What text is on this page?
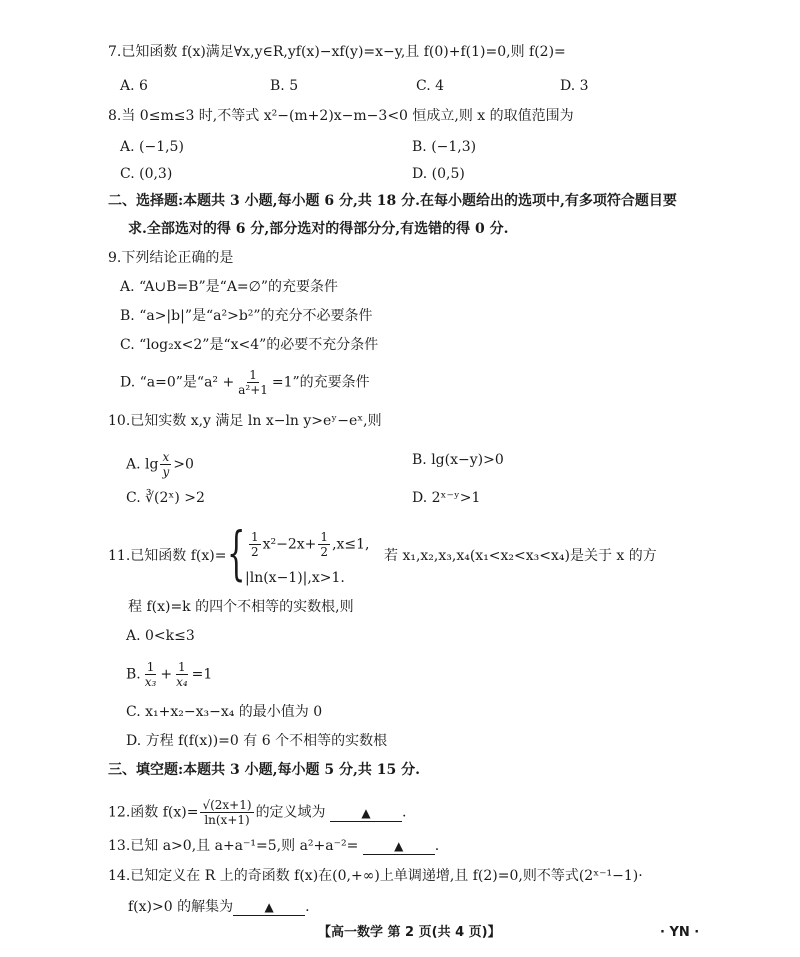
7.已知函数 f(x)满足∀x,y∈R,yf(x)−xf(y)=x−y,且 f(0)+f(1)=0,则 f(2)=
A. 6	B. 5	C. 4	D. 3
8.当 0≤m≤3 时,不等式 x²−(m+2)x−m−3<0 恒成立,则 x 的取值范围为
A. (−1,5)	B. (−1,3)
C. (0,3)	D. (0,5)
二、选择题:本题共 3 小题,每小题 6 分,共 18 分.在每小题给出的选项中,有多项符合题目要
求.全部选对的得 6 分,部分选对的得部分分,有选错的得 0 分.
9.下列结论正确的是
A. “A∪B=B”是“A=∅”的充要条件
B. “a>|b|”是“a²>b²”的充分不必要条件
C. “log₂x<2”是“x<4”的必要不充分条件
D. “a=0”是“$a^2 + \frac{1}{\text{a²+1}} =1$”的充要条件
10.已知实数 x,y 满足 ln x−ln y>eʸ−eˣ,则
A. $\lg \frac{x}{y} >0$	B. lg(x−y)>0
C. ∛(2ˣ) >2	D. 2ˣ⁻ʸ>1
11.已知函数 f(x)= { $\frac{1}{2} x^2-2x+ \frac{1}{2} ,x\le 1$,
|ln(x−1)|,x>1.
若 x₁,x₂,x₃,x₄(x₁<x₂<x₃<x₄)是关于 x 的方
程 f(x)=k 的四个不相等的实数根,则
A. 0<k≤3
B. $\frac{1}{\text{x₃}} + \frac{1}{\text{x₄}} =1$
C. x₁+x₂−x₃−x₄ 的最小值为 0
D. 方程 f(f(x))=0 有 6 个不相等的实数根
三、填空题:本题共 3 小题,每小题 5 分,共 15 分.
12.函数 $f(x)= \frac{√(2x+1)}{\ln(x+1)}$ 的定义域为	▲ .
13.已知 a>0,且 a+a⁻¹=5,则 a²+a⁻²=	▲ .
14.已知定义在 R 上的奇函数 f(x)在(0,+∞)上单调递增,且 f(2)=0,则不等式(2ˣ⁻¹−1)·
f(x)>0 的解集为	▲ .
【高一数学 第 2 页(共 4 页)】	· YN ·
